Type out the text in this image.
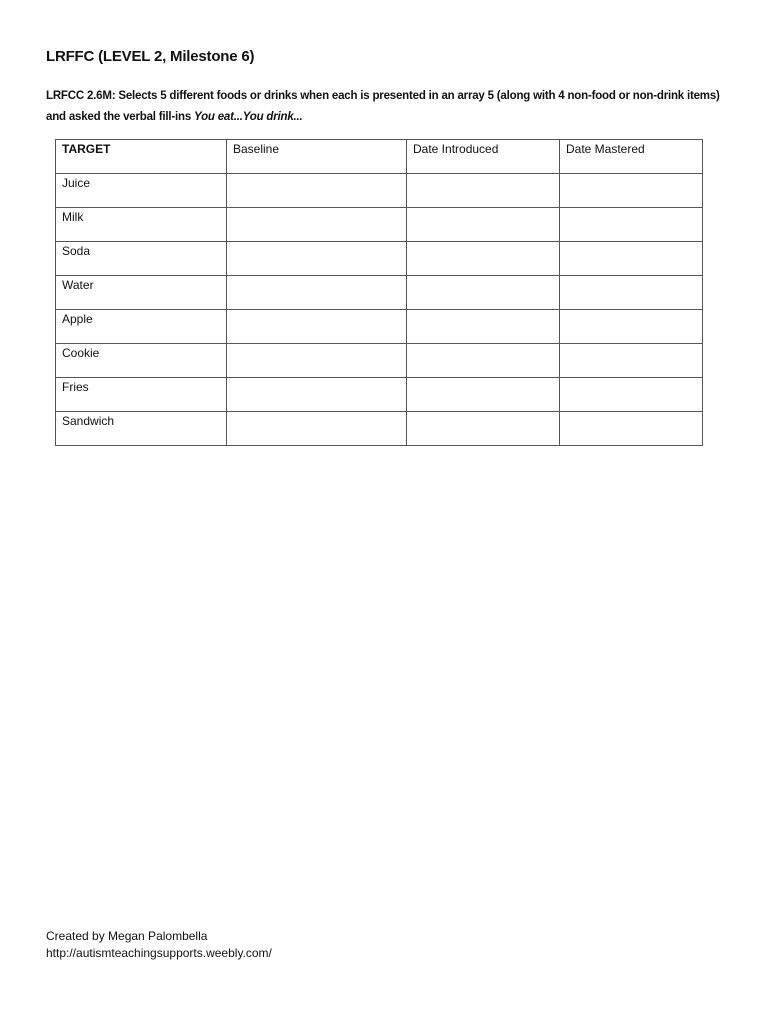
LRFFC (LEVEL 2, Milestone 6)
LRFCC 2.6M: Selects 5 different foods or drinks when each is presented in an array 5 (along with 4 non-food or non-drink items) and asked the verbal fill-ins You eat...You drink...
TARGET	Baseline	Date Introduced	Date Mastered
Juice			
Milk			
Soda			
Water			
Apple			
Cookie			
Fries			
Sandwich			
Created by Megan Palombella
http://autismteachingsupports.weebly.com/
